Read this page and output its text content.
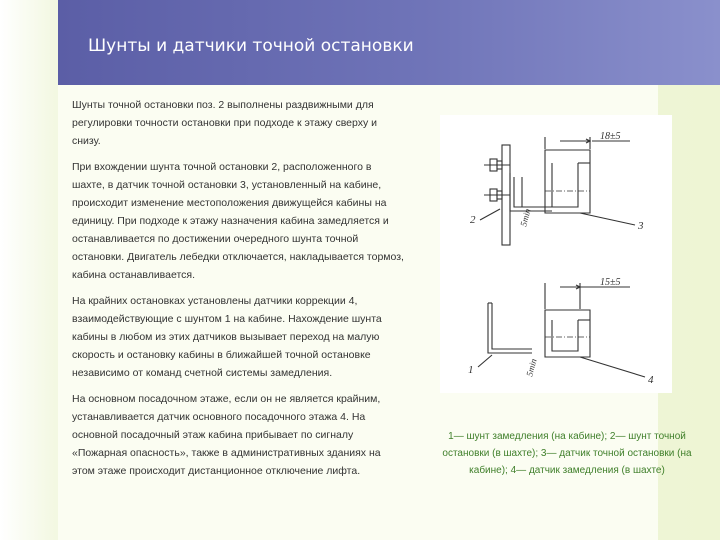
Шунты и датчики точной остановки

Шунты точной остановки поз. 2 выполнены раздвижными для регулировки точности остановки при подходе к этажу сверху и снизу.

При вхождении шунта точной остановки 2, расположенного в шахте, в датчик точной остановки 3, установленный на кабине, происходит изменение местоположения движущейся кабины на единицу. При подходе к этажу назначения кабина замедляется и останавливается по достижении очередного шунта точной остановки. Двигатель лебедки отключается, накладывается тормоз, кабина останавливается.

На крайних остановках установлены датчики коррекции 4, взаимодействующие с шунтом 1 на кабине. Нахождение шунта кабины в любом из этих датчиков вызывает переход на малую скорость и остановку кабины в ближайшей точной остановке независимо от команд счетной системы замедления.

На основном посадочном этаже, если он не является крайним, устанавливается датчик основного посадочного этажа 4. На основной посадочный этаж кабина прибывает по сигналу «Пожарная опасность», также в административных зданиях на этом этаже происходит дистанционное отключение лифта.

18±5
5min
2	3
15±5
5min
1
4
1— шунт замедления (на кабине); 2— шунт точной остановки (в шахте); 3— датчик точной остановки (на кабине); 4— датчик замедления (в шахте)
